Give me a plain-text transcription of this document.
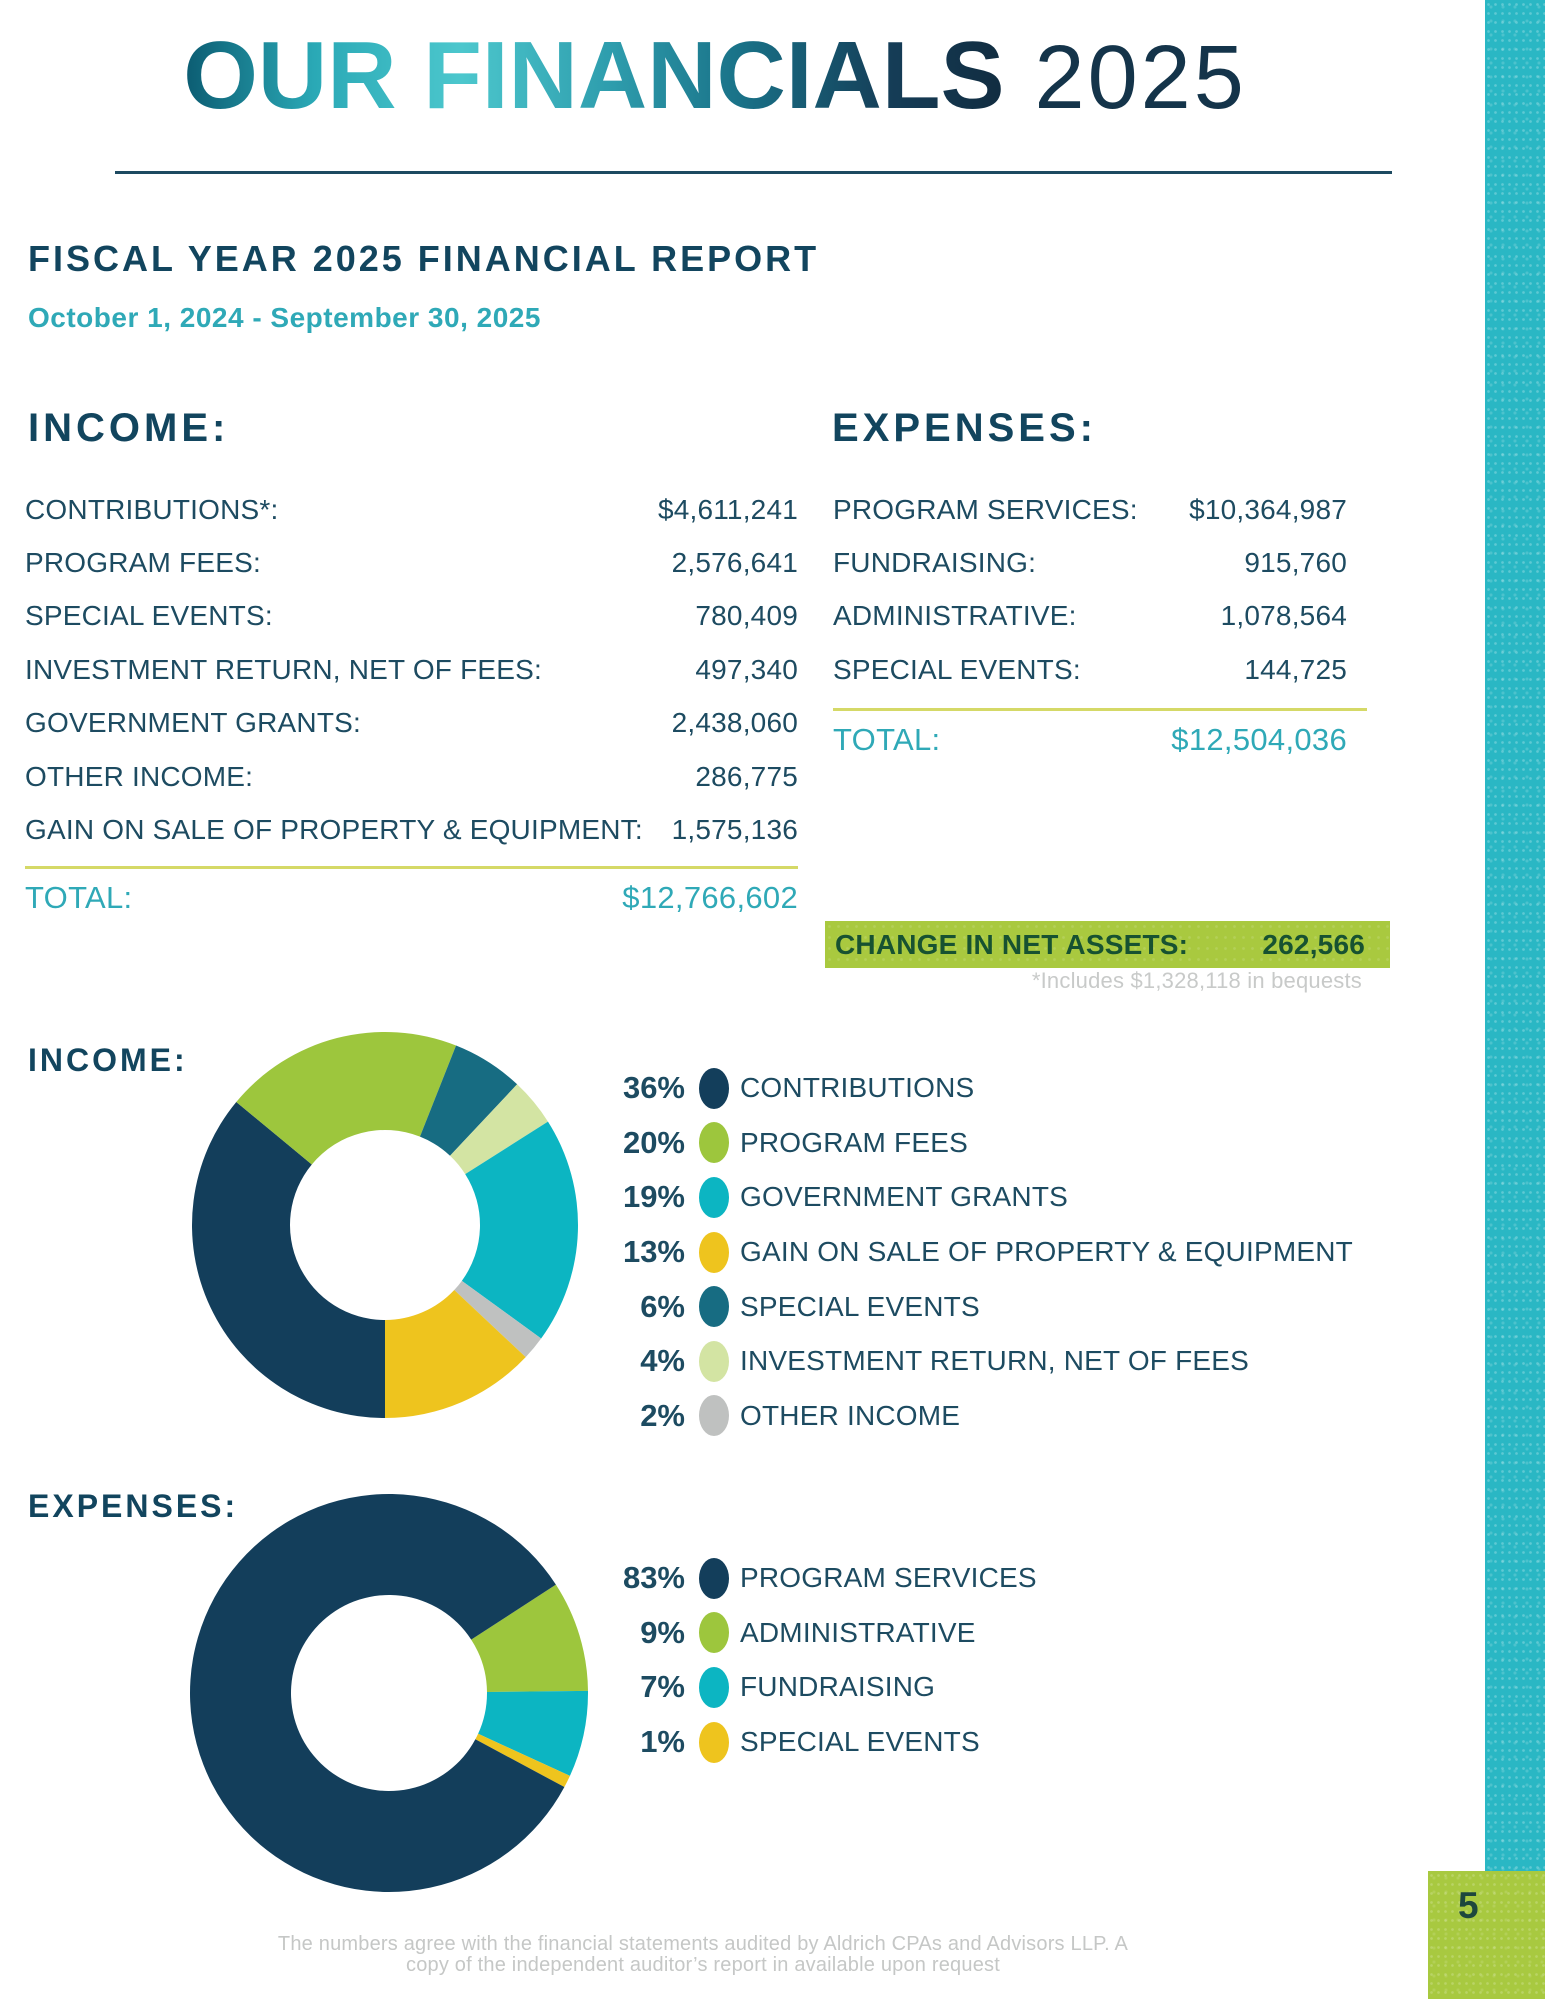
5
OUR FINANCIALS 2025
FISCAL YEAR 2025 FINANCIAL REPORT
October 1, 2024 - September 30, 2025
INCOME:
CONTRIBUTIONS*:	$4,611,241
PROGRAM FEES:	2,576,641
SPECIAL EVENTS:	780,409
INVESTMENT RETURN, NET OF FEES:	497,340
GOVERNMENT GRANTS:	2,438,060
OTHER INCOME:	286,775
GAIN ON SALE OF PROPERTY & EQUIPMENT: 1,575,136
TOTAL:	$12,766,602
EXPENSES:
PROGRAM SERVICES: $10,364,987
FUNDRAISING:	915,760
ADMINISTRATIVE:	1,078,564
SPECIAL EVENTS:	144,725
TOTAL:	$12,504,036
CHANGE IN NET ASSETS:	262,566
*Includes $1,328,118 in bequests
INCOME:
36% CONTRIBUTIONS
20% PROGRAM FEES
19% GOVERNMENT GRANTS
13% GAIN ON SALE OF PROPERTY & EQUIPMENT
6% SPECIAL EVENTS
4% INVESTMENT RETURN, NET OF FEES
2% OTHER INCOME
EXPENSES:
83% PROGRAM SERVICES
9% ADMINISTRATIVE
7% FUNDRAISING
1% SPECIAL EVENTS
The numbers agree with the financial statements audited by Aldrich CPAs and Advisors LLP. A
copy of the independent auditor’s report in available upon request
